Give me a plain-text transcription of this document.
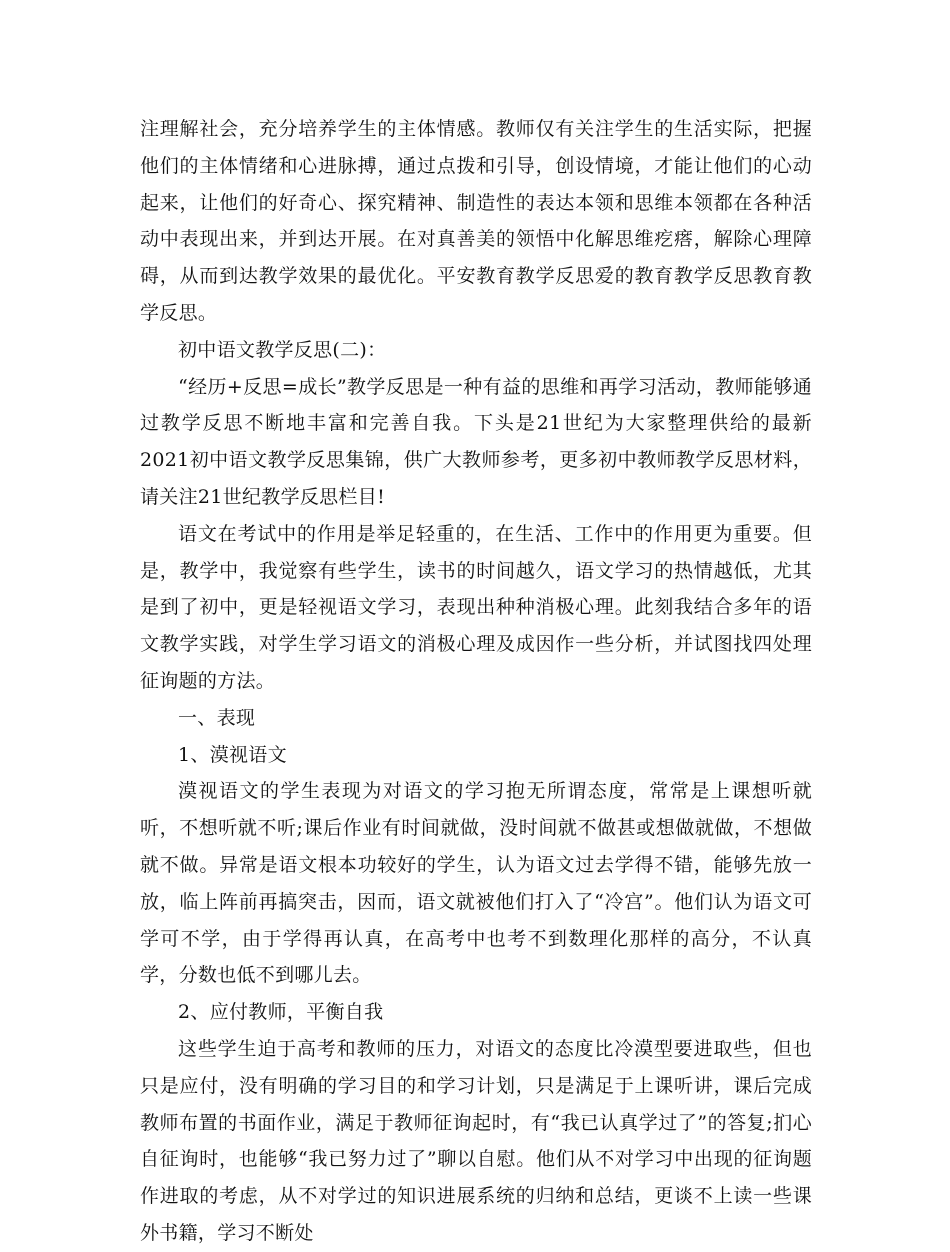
注理解社会，充分培养学生的主体情感。教师仅有关注学生的生活实际，把握他们的主体情绪和心进脉搏，通过点拨和引导，创设情境，才能让他们的心动起来，让他们的好奇心、探究精神、制造性的表达本领和思维本领都在各种活动中表现出来，并到达开展。在对真善美的领悟中化解思维疙瘩，解除心理障碍，从而到达教学效果的最优化。平安教育教学反思爱的教育教学反思教育教学反思。

初中语文教学反思(二)：

“经历+反思=成长”教学反思是一种有益的思维和再学习活动，教师能够通过教学反思不断地丰富和完善自我。下头是21世纪为大家整理供给的最新2021初中语文教学反思集锦，供广大教师参考，更多初中教师教学反思材料，请关注21世纪教学反思栏目!

语文在考试中的作用是举足轻重的，在生活、工作中的作用更为重要。但是，教学中，我觉察有些学生，读书的时间越久，语文学习的热情越低，尤其是到了初中，更是轻视语文学习，表现出种种消极心理。此刻我结合多年的语文教学实践，对学生学习语文的消极心理及成因作一些分析，并试图找四处理征询题的方法。

一、表现

1、漠视语文

漠视语文的学生表现为对语文的学习抱无所谓态度，常常是上课想听就听，不想听就不听;课后作业有时间就做，没时间就不做甚或想做就做，不想做就不做。异常是语文根本功较好的学生，认为语文过去学得不错，能够先放一放，临上阵前再搞突击，因而，语文就被他们打入了“冷宫”。他们认为语文可学可不学，由于学得再认真，在高考中也考不到数理化那样的高分，不认真学，分数也低不到哪儿去。

2、应付教师，平衡自我

这些学生迫于高考和教师的压力，对语文的态度比冷漠型要进取些，但也只是应付，没有明确的学习目的和学习计划，只是满足于上课听讲，课后完成教师布置的书面作业，满足于教师征询起时，有“我已认真学过了”的答复;扪心自征询时，也能够“我已努力过了”聊以自慰。他们从不对学习中出现的征询题作进取的考虑，从不对学过的知识进展系统的归纳和总结，更谈不上读一些课外书籍，学习不断处
